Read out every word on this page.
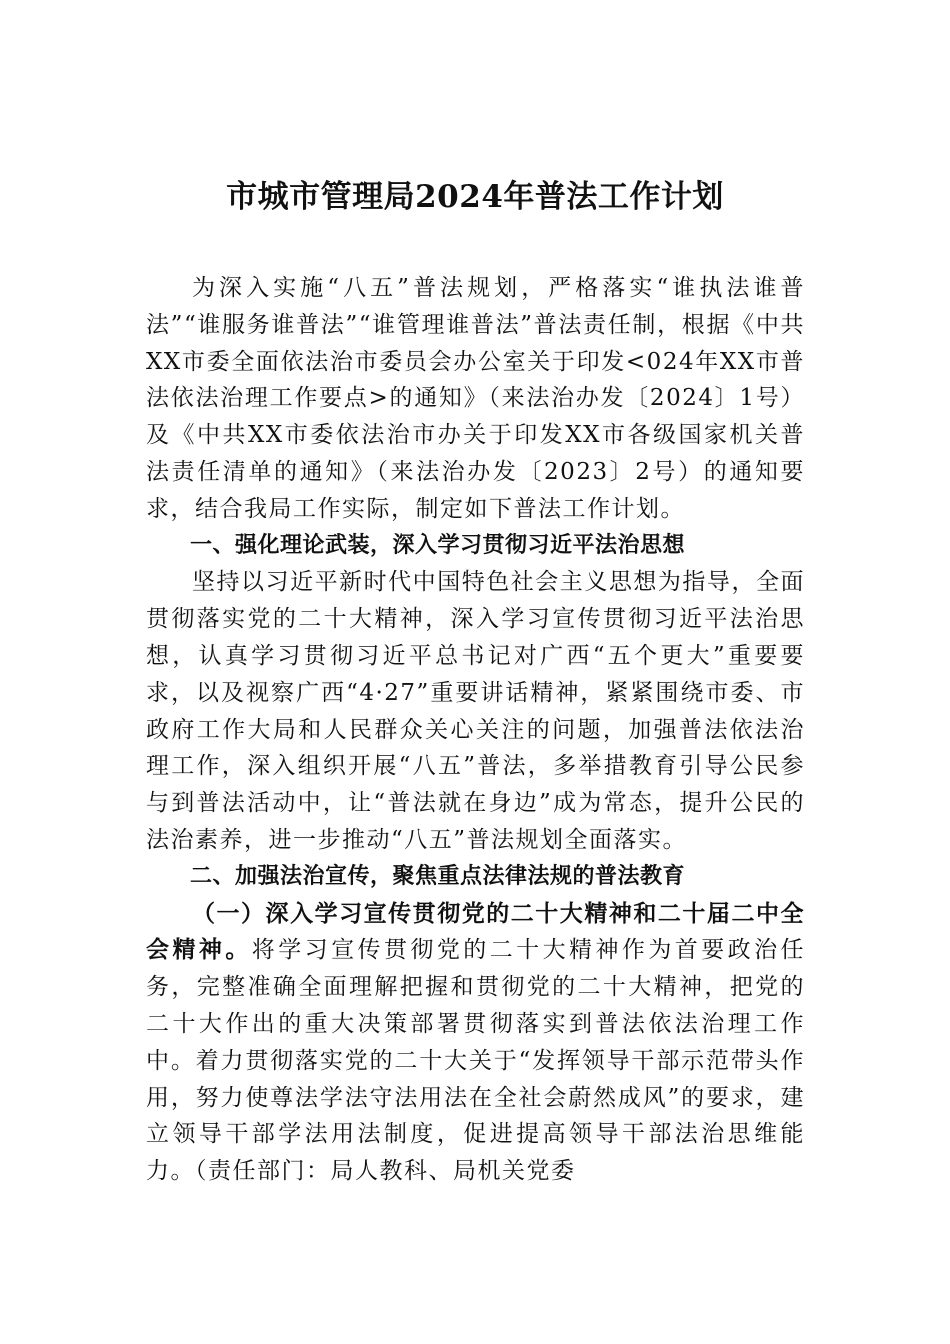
市城市管理局2024年普法工作计划

为深入实施“八五”普法规划，严格落实“谁执法谁普法”“谁服务谁普法”“谁管理谁普法”普法责任制，根据《中共XX市委全面依法治市委员会办公室关于印发<024年XX市普法依法治理工作要点>的通知》（来法治办发〔2024〕1号）及《中共XX市委依法治市办关于印发XX市各级国家机关普法责任清单的通知》（来法治办发〔2023〕2号）的通知要求，结合我局工作实际，制定如下普法工作计划。

一、强化理论武装，深入学习贯彻习近平法治思想

坚持以习近平新时代中国特色社会主义思想为指导，全面贯彻落实党的二十大精神，深入学习宣传贯彻习近平法治思想，认真学习贯彻习近平总书记对广西“五个更大”重要要求，以及视察广西“4·27”重要讲话精神，紧紧围绕市委、市政府工作大局和人民群众关心关注的问题，加强普法依法治理工作，深入组织开展“八五”普法，多举措教育引导公民参与到普法活动中，让“普法就在身边”成为常态，提升公民的法治素养，进一步推动“八五”普法规划全面落实。

二、加强法治宣传，聚焦重点法律法规的普法教育

（一）深入学习宣传贯彻党的二十大精神和二十届二中全会精神。将学习宣传贯彻党的二十大精神作为首要政治任务，完整准确全面理解把握和贯彻党的二十大精神，把党的二十大作出的重大决策部署贯彻落实到普法依法治理工作中。着力贯彻落实党的二十大关于“发挥领导干部示范带头作用，努力使尊法学法守法用法在全社会蔚然成风”的要求，建立领导干部学法用法制度，促进提高领导干部法治思维能力。（责任部门：局人教科、局机关党委
